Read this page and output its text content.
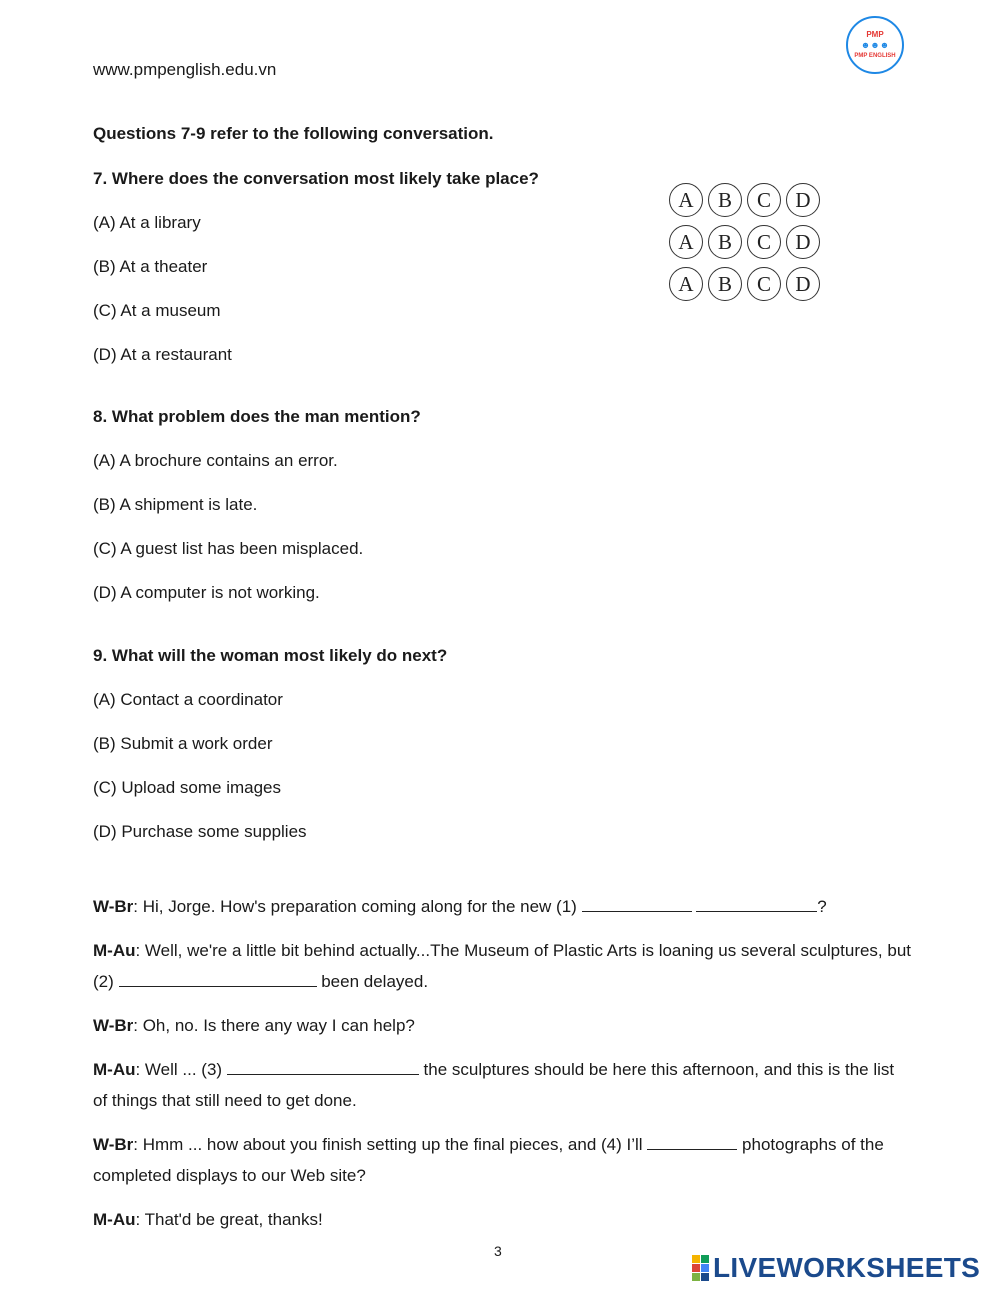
www.pmpenglish.edu.vn
PMP
☻☻☻
PMP ENGLISH
Questions 7-9 refer to the following conversation.
7. Where does the conversation most likely take place?
(A) At a library
(B) At a theater
(C) At a museum
(D) At a restaurant
A	B	C	D
A	B	C	D
A	B	C	D
8. What problem does the man mention?
(A) A brochure contains an error.
(B) A shipment is late.
(C) A guest list has been misplaced.
(D) A computer is not working.
9. What will the woman most likely do next?
(A) Contact a coordinator
(B) Submit a work order
(C) Upload some images
(D) Purchase some supplies
W-Br: Hi, Jorge. How's preparation coming along for the new (1)	?
M-Au: Well, we're a little bit behind actually...The Museum of Plastic Arts is loaning us several sculptures, but (2)	been delayed.
W-Br: Oh, no. Is there any way I can help?
M-Au: Well ... (3)	the sculptures should be here this afternoon, and this is the list of things that still need to get done.
W-Br: Hmm ... how about you finish setting up the final pieces, and (4) I’ll	photographs of the completed displays to our Web site?
M-Au: That'd be great, thanks!
3
LIVEWORKSHEETS
